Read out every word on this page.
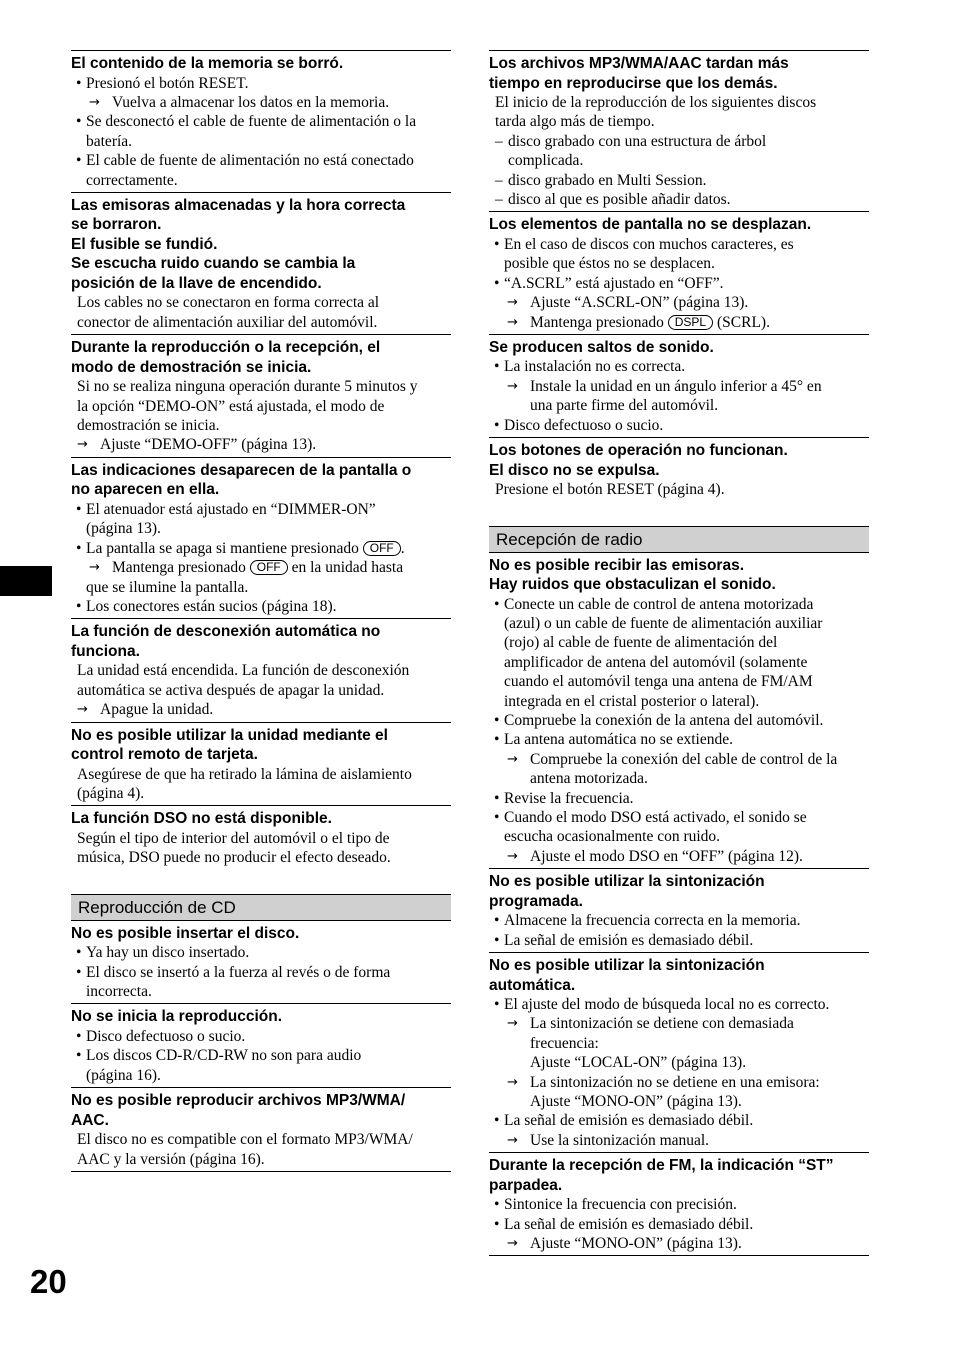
El contenido de la memoria se borró.
• Presionó el botón RESET.
→ Vuelva a almacenar los datos en la memoria.
• Se desconectó el cable de fuente de alimentación o la
batería.
• El cable de fuente de alimentación no está conectado
correctamente.
Las emisoras almacenadas y la hora correcta
se borraron.
El fusible se fundió.
Se escucha ruido cuando se cambia la
posición de la llave de encendido.
Los cables no se conectaron en forma correcta al
conector de alimentación auxiliar del automóvil.
Durante la reproducción o la recepción, el
modo de demostración se inicia.
Si no se realiza ninguna operación durante 5 minutos y
la opción “DEMO-ON” está ajustada, el modo de
demostración se inicia.
→ Ajuste “DEMO-OFF” (página 13).
Las indicaciones desaparecen de la pantalla o
no aparecen en ella.
• El atenuador está ajustado en “DIMMER-ON”
(página 13).
• La pantalla se apaga si mantiene presionado OFF .
→ Mantenga presionado OFF en la unidad hasta
que se ilumine la pantalla.
• Los conectores están sucios (página 18).
La función de desconexión automática no
funciona.
La unidad está encendida. La función de desconexión
automática se activa después de apagar la unidad.
→ Apague la unidad.
No es posible utilizar la unidad mediante el
control remoto de tarjeta.
Asegúrese de que ha retirado la lámina de aislamiento
(página 4).
La función DSO no está disponible.
Según el tipo de interior del automóvil o el tipo de
música, DSO puede no producir el efecto deseado.
Reproducción de CD
No es posible insertar el disco.
• Ya hay un disco insertado.
• El disco se insertó a la fuerza al revés o de forma
incorrecta.
No se inicia la reproducción.
• Disco defectuoso o sucio.
• Los discos CD-R/CD-RW no son para audio
(página 16).
No es posible reproducir archivos MP3/WMA/
AAC.
El disco no es compatible con el formato MP3/WMA/
AAC y la versión (página 16).
Los archivos MP3/WMA/AAC tardan más
tiempo en reproducirse que los demás.
El inicio de la reproducción de los siguientes discos
tarda algo más de tiempo.
– disco grabado con una estructura de árbol
complicada.
– disco grabado en Multi Session.
– disco al que es posible añadir datos.
Los elementos de pantalla no se desplazan.
• En el caso de discos con muchos caracteres, es
posible que éstos no se desplacen.
• “A.SCRL” está ajustado en “OFF”.
→ Ajuste “A.SCRL-ON” (página 13).
→ Mantenga presionado DSPL (SCRL).
Se producen saltos de sonido.
• La instalación no es correcta.
→ Instale la unidad en un ángulo inferior a 45° en
una parte firme del automóvil.
• Disco defectuoso o sucio.
Los botones de operación no funcionan.
El disco no se expulsa.
Presione el botón RESET (página 4).
Recepción de radio
No es posible recibir las emisoras.
Hay ruidos que obstaculizan el sonido.
• Conecte un cable de control de antena motorizada
(azul) o un cable de fuente de alimentación auxiliar
(rojo) al cable de fuente de alimentación del
amplificador de antena del automóvil (solamente
cuando el automóvil tenga una antena de FM/AM
integrada en el cristal posterior o lateral).
• Compruebe la conexión de la antena del automóvil.
• La antena automática no se extiende.
→ Compruebe la conexión del cable de control de la
antena motorizada.
• Revise la frecuencia.
• Cuando el modo DSO está activado, el sonido se
escucha ocasionalmente con ruido.
→ Ajuste el modo DSO en “OFF” (página 12).
No es posible utilizar la sintonización
programada.
• Almacene la frecuencia correcta en la memoria.
• La señal de emisión es demasiado débil.
No es posible utilizar la sintonización
automática.
• El ajuste del modo de búsqueda local no es correcto.
→ La sintonización se detiene con demasiada
frecuencia:
Ajuste “LOCAL-ON” (página 13).
→ La sintonización no se detiene en una emisora:
Ajuste “MONO-ON” (página 13).
• La señal de emisión es demasiado débil.
→ Use la sintonización manual.
Durante la recepción de FM, la indicación “ST”
parpadea.
• Sintonice la frecuencia con precisión.
• La señal de emisión es demasiado débil.
→ Ajuste “MONO-ON” (página 13).
20
